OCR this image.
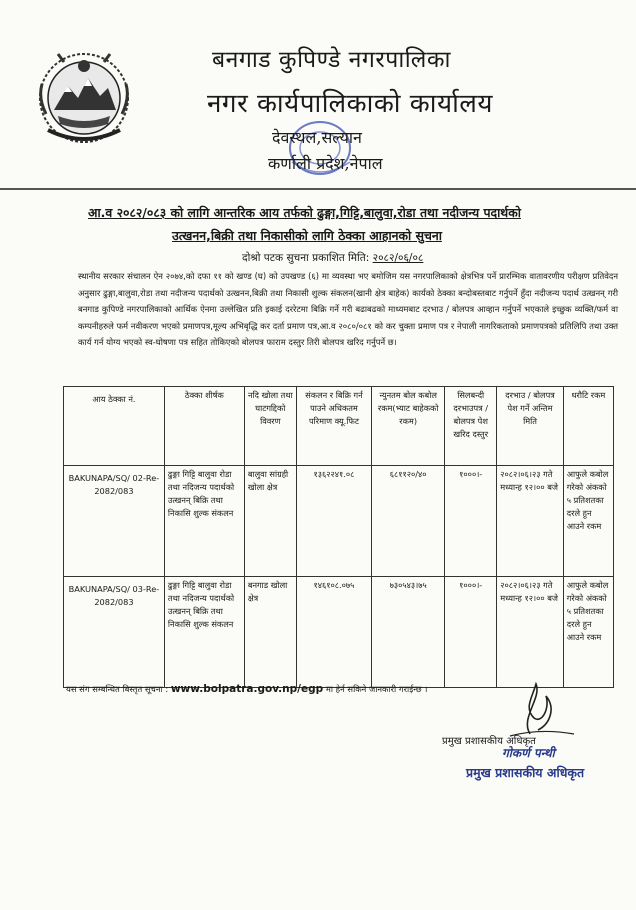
बनगाड कुपिण्डे नगरपालिका
नगर कार्यपालिकाको कार्यालय
देवस्थल,सल्यान
कर्णाली प्रदेश,नेपाल
आ.व २०८२/०८३ को लागि आन्तरिक आय तर्फको ढुङ्गा,गिट्टि,बालुवा,रोडा तथा नदीजन्य पदार्थको
उत्खनन,बिक्री तथा निकासीको लागि ठेक्का आहानको सुचना
दोश्रो पटक सुचना प्रकाशित मिति: २०८२/०६/०८
स्थानीय सरकार संचालन ऐन २०७४,को दफा ११ को खण्ड (घ) को उपखण्ड (६) मा व्यवस्था भए बमोजिम यस नगरपालिकाको क्षेत्रभित्र पर्ने प्रारम्भिक वातावरणीय परीक्षण प्रतिवेदन अनुसार ढुङ्गा,बालुवा,रोडा तथा नदीजन्य पदार्थको उत्खनन,बिक्री तथा निकासी शुल्क संकलन(खानी क्षेत्र बाहेक) कार्यको ठेक्का बन्दोबस्तबाट गर्नुपर्ने हुँदा नदीजन्य पदार्थ उत्खनन् गरी बनगाड कुपिण्डे नगरपालिकाको आर्थिक ऐनमा उल्लेखित प्रति इकाई दररेटमा बिक्रि गर्ने गरी बढाबढको माध्यमबाट दरभाउ / बोलपत्र आव्हान गर्नुपर्ने भएकाले इच्छुक व्यक्ति/फर्म वा कम्पनीहरुले फर्म नवीकरण भएको प्रमाणपत्र,मूल्य अभिबृद्धि कर दर्ता प्रमाण पत्र,आ.व २०८०/०८१ को कर चुक्ता प्रमाण पत्र र नेपाली नागरिकताको प्रमाणपत्रको प्रतिलिपि तथा उक्त कार्य गर्न योग्य भएको स्व-घोषणा पत्र सहित तोकिएको बोलपत्र फाराम दस्तुर तिरी बोलपत्र खरिद गर्नुपर्ने छ।
आय ठेक्का नं.	ठेक्का शीर्षक	नदि खोला तथा घाटगद्दिको विवरण	संकलन र बिक्रि गर्न पाउने अधिकतम परिमाण क्यू.फिट	न्युनतम बोल कबोल रकम(भ्याट बाहेकको रकम)	सिलबन्दी दरभाउपत्र / बोलपत्र पेश खरिद दस्तुर	दरभाउ / बोलपत्र पेश गर्ने अन्तिम मिति	धरौटि रकम
BAKUNAPA/SQ/ 02-Re-2082/083	ढुङ्गा गिट्टि बालुवा रोडा तथा नदिजन्य पदार्थको उत्खनन् बिक्रि तथा निकासि शुल्क संकलन	बालुवा सांग्रही खोला क्षेत्र	१३६२२४१.०८	६८११२०/४०	१०००।-	२०८२।०६।२३ गते मध्यान्ह १२।०० बजे	आफुले कबोल गरेको अंकको ५ प्रतिशतका दरले हुन आउने रकम
BAKUNAPA/SQ/ 03-Re-2082/083	ढुङ्गा गिट्टि बालुवा रोडा तथा नदिजन्य पदार्थको उत्खनन् बिक्रि तथा निकासि शुल्क संकलन	बनगाड खोला क्षेत्र	१४६१०८.०७५	७३०५४३।७५	१०००।-	२०८२।०६।२३ गते मध्यान्ह १२।०० बजे	आफुले कबोल गरेको अंकको ५ प्रतिशतका दरले हुन आउने रकम
यस संग सम्बन्धित बिस्तृत सूचना : www.bolpatra.gov.np/egp मा हेर्न सकिने जानकारी गराईन्छ ।
प्रमुख प्रशासकीय अधिकृत
गोकर्ण पन्थी
प्रमुख प्रशासकीय अधिकृत
